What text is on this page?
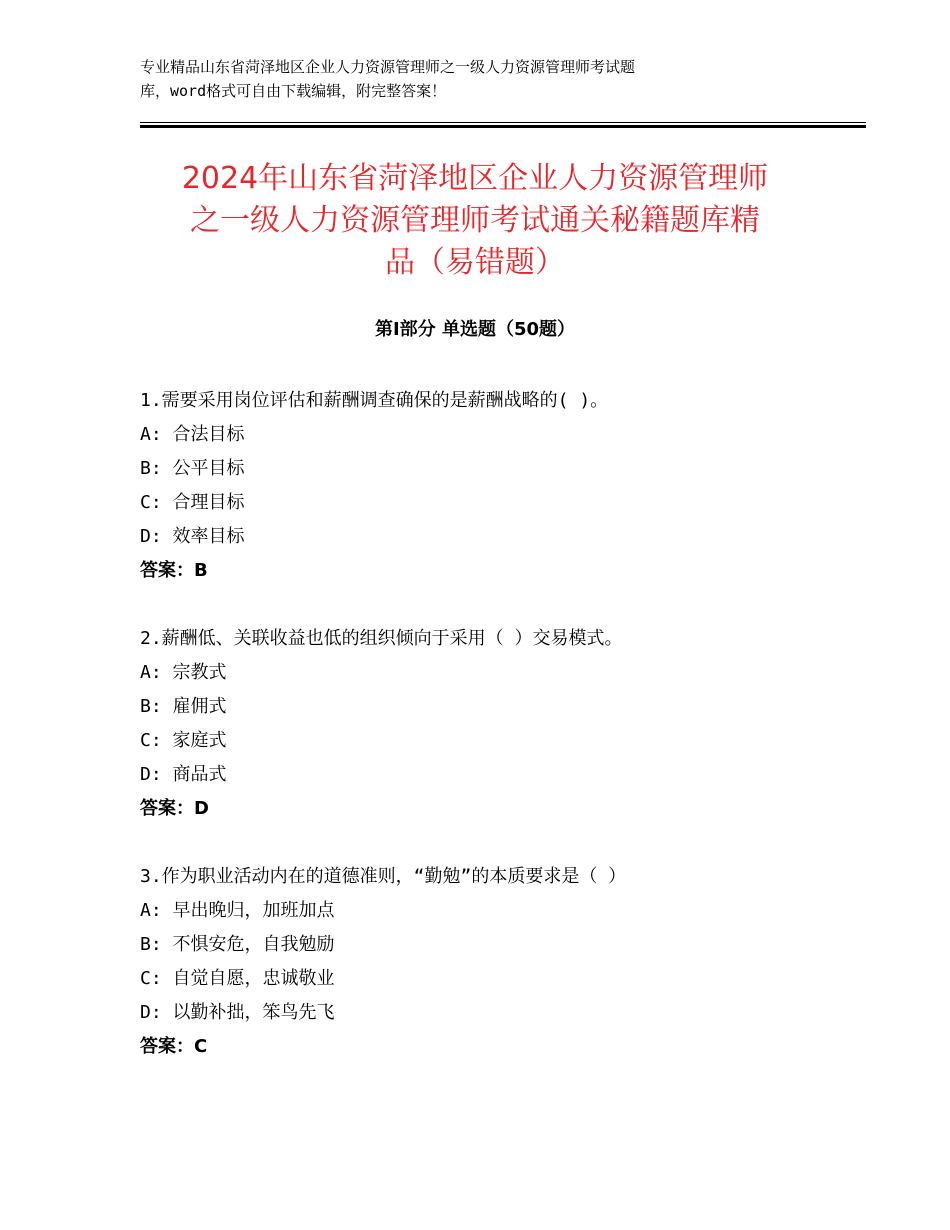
专业精品山东省菏泽地区企业人力资源管理师之一级人力资源管理师考试题
库，word格式可自由下载编辑，附完整答案！
2024年山东省菏泽地区企业人力资源管理师
之一级人力资源管理师考试通关秘籍题库精
品（易错题）
第Ⅰ部分 单选题（50题）
1.需要采用岗位评估和薪酬调查确保的是薪酬战略的( )。
A: 合法目标
B: 公平目标
C: 合理目标
D: 效率目标
答案：B
2.薪酬低、关联收益也低的组织倾向于采用（ ）交易模式。
A: 宗教式
B: 雇佣式
C: 家庭式
D: 商品式
答案：D
3.作为职业活动内在的道德准则，“勤勉”的本质要求是（ ）
A: 早出晚归，加班加点
B: 不惧安危，自我勉励
C: 自觉自愿，忠诚敬业
D: 以勤补拙，笨鸟先飞
答案：C
